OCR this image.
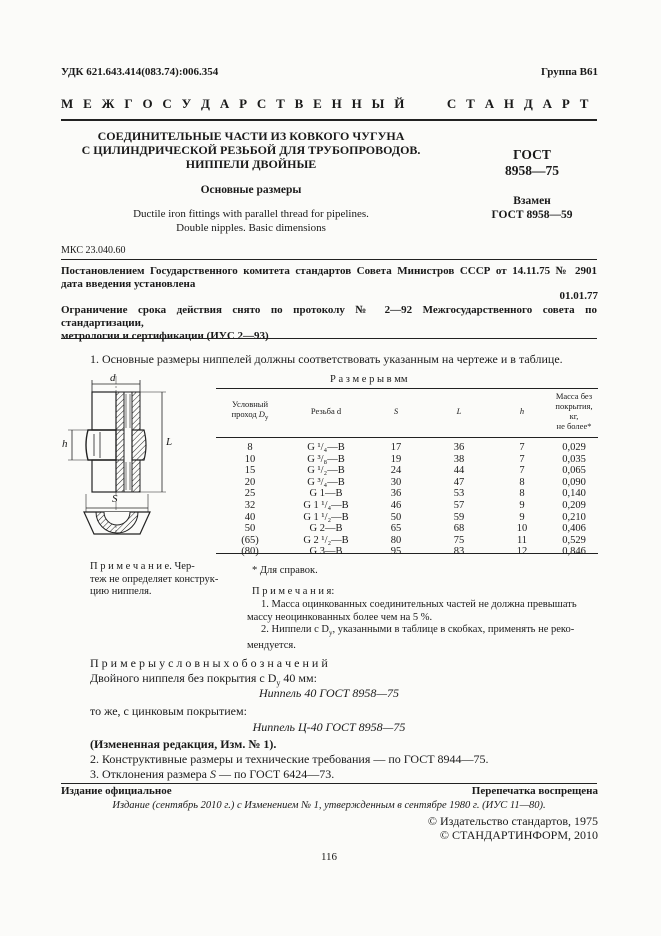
УДК 621.643.414(083.74):006.354	Группа В61
М Е Ж Г О С У Д А Р С Т В Е Н Н Ы Й      С Т А Н Д А Р Т
СОЕДИНИТЕЛЬНЫЕ ЧАСТИ ИЗ КОВКОГО ЧУГУНА
С ЦИЛИНДРИЧЕСКОЙ РЕЗЬБОЙ ДЛЯ ТРУБОПРОВОДОВ.
НИППЕЛИ ДВОЙНЫЕ
Основные размеры
Ductile iron fittings with parallel thread for pipelines.
Double nipples. Basic dimensions
ГОСТ
8958—75
Взамен
ГОСТ 8958—59
МКС 23.040.60
Постановлением Государственного комитета стандартов Совета Министров СССР от 14.11.75 № 2901
дата введения установлена
01.01.77
Ограничение срока действия снято по протоколу № 2—92 Межгосударственного совета по стандартизации,
метрологии и сертификации (ИУС 2—93)
1. Основные размеры ниппелей должны соответствовать указанным на чертеже и в таблице.
d
h	L
S
П р и м е ч а н и е. Чер-
теж не определяет конструк-
цию ниппеля.
Р а з м е р ы в мм
Условный
проход $D_y$	Резьба d	S	L	h	Масса без
покрытия, кг,
не более*
8	G ¹/₄—B	17	36	7	0,029
10	G ³/₈—B	19	38	7	0,035
15	G ¹/₂—B	24	44	7	0,065
20	G ³/₄—B	30	47	8	0,090
25	G 1—B	36	53	8	0,140
32	G 1 ¹/₄—B	46	57	9	0,209
40	G 1 ¹/₂—B	50	59	9	0,210
50	G 2—B	65	68	10	0,406
(65)	G 2 ¹/₂—B	80	75	11	0,529
(80)	G 3—B	95	83	12	0,846
* Для справок.
П р и м е ч а н и я:
1. Масса оцинкованных соединительных частей не должна превышать
массу неоцинкованных более чем на 5 %.
2. Ниппели с $D_y$, указанными в таблице в скобках, применять не реко-
мендуется.
П р и м е р ы у с л о в н ы х о б о з н а ч е н и й
Двойного ниппеля без покрытия с $D_y$ 40 мм:
Ниппель 40 ГОСТ 8958—75
то же, с цинковым покрытием:
Ниппель Ц-40 ГОСТ 8958—75
(Измененная редакция, Изм. № 1).
2. Конструктивные размеры и технические требования — по ГОСТ 8944—75.
3. Отклонения размера S — по ГОСТ 6424—73.
Издание официальное	Перепечатка воспрещена
Издание (сентябрь 2010 г.) с Изменением № 1, утвержденным в сентябре 1980 г. (ИУС 11—80).
© Издательство стандартов, 1975
© СТАНДАРТИНФОРМ, 2010
116
